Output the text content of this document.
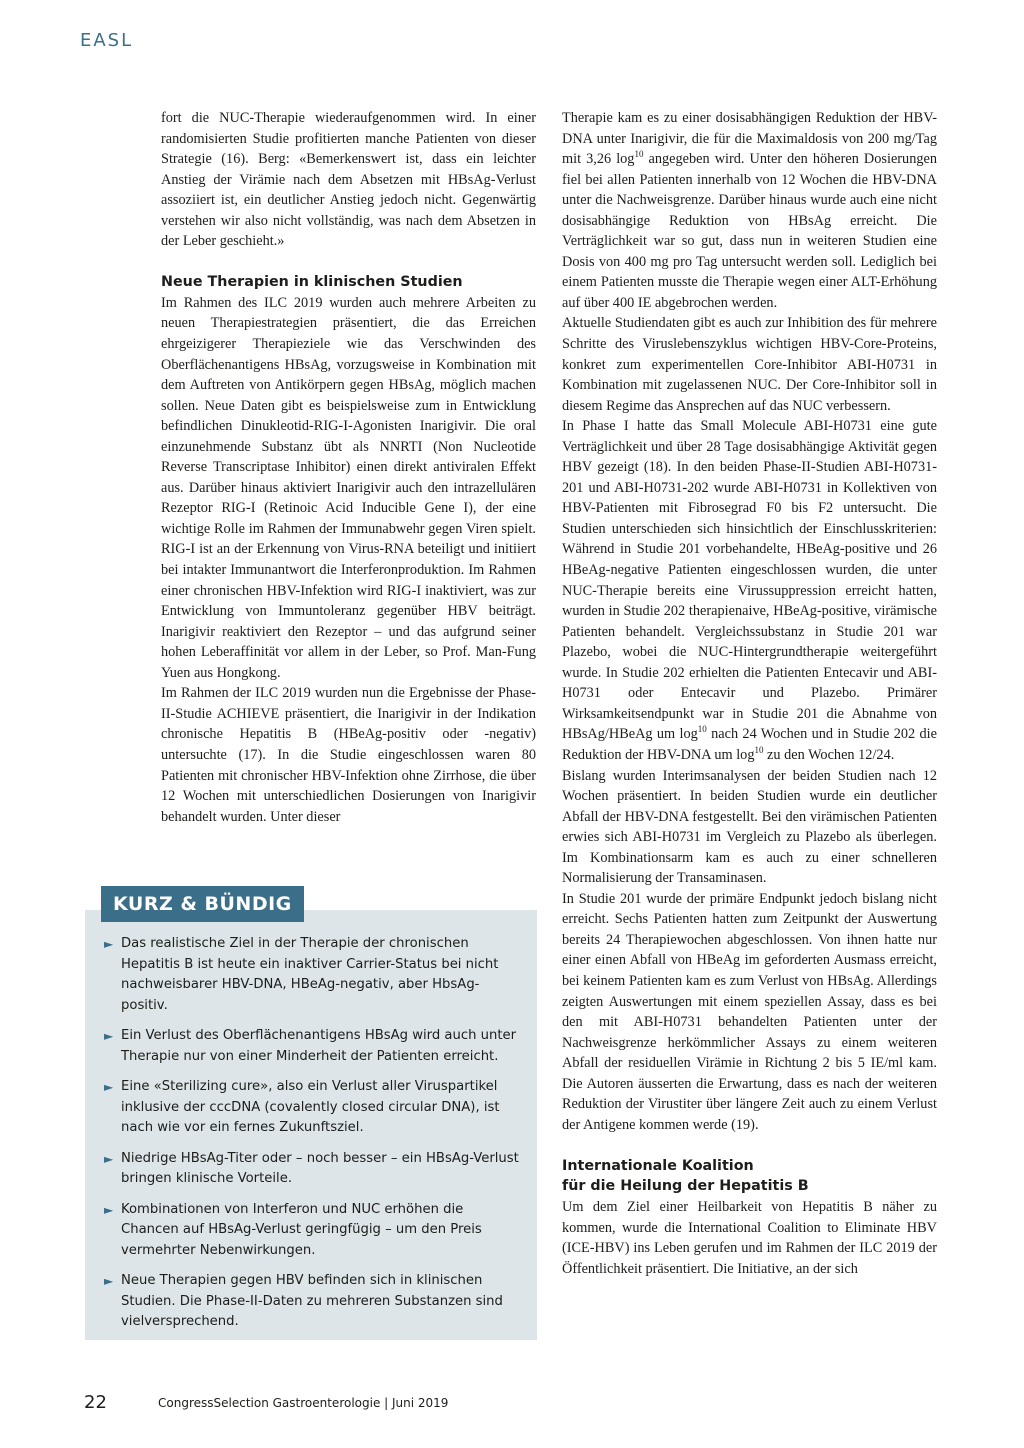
EASL

fort die NUC-Therapie wiederaufgenommen wird. In einer randomisierten Studie profitierten manche Patienten von dieser Strategie (16). Berg: «Bemerkenswert ist, dass ein leichter Anstieg der Virämie nach dem Absetzen mit HBsAg-Verlust assoziiert ist, ein deutlicher Anstieg jedoch nicht. Gegenwärtig verstehen wir also nicht vollständig, was nach dem Absetzen in der Leber geschieht.»

Neue Therapien in klinischen Studien

Im Rahmen des ILC 2019 wurden auch mehrere Arbeiten zu neuen Therapiestrategien präsentiert, die das Erreichen ehrgeizigerer Therapieziele wie das Verschwinden des Oberflächenantigens HBsAg, vorzugsweise in Kombination mit dem Auftreten von Antikörpern gegen HBsAg, möglich machen sollen. Neue Daten gibt es beispielsweise zum in Entwicklung befindlichen Dinukleotid-RIG-I-Agonisten Inarigivir. Die oral einzunehmende Substanz übt als NNRTI (Non Nucleotide Reverse Transcriptase Inhibitor) einen direkt antiviralen Effekt aus. Darüber hinaus aktiviert Inarigivir auch den intrazellulären Rezeptor RIG-I (Retinoic Acid Inducible Gene I), der eine wichtige Rolle im Rahmen der Immunabwehr gegen Viren spielt. RIG-I ist an der Erkennung von Virus-RNA beteiligt und initiiert bei intakter Immunantwort die Interferonproduktion. Im Rahmen einer chronischen HBV-Infektion wird RIG-I inaktiviert, was zur Entwicklung von Immuntoleranz gegenüber HBV beiträgt. Inarigivir reaktiviert den Rezeptor – und das aufgrund seiner hohen Leberaffinität vor allem in der Leber, so Prof. Man-Fung Yuen aus Hongkong.

Im Rahmen der ILC 2019 wurden nun die Ergebnisse der Phase-II-Studie ACHIEVE präsentiert, die Inarigivir in der Indikation chronische Hepatitis B (HBeAg-positiv oder -negativ) untersuchte (17). In die Studie eingeschlossen waren 80 Patienten mit chronischer HBV-Infektion ohne Zirrhose, die über 12 Wochen mit unterschiedlichen Dosierungen von Inarigivir behandelt wurden. Unter dieser

KURZ & BÜNDIG
► Das realistische Ziel in der Therapie der chronischen Hepatitis B ist heute ein inaktiver Carrier-Status bei nicht nachweisbarer HBV-DNA, HBeAg-negativ, aber HbsAg-positiv.
► Ein Verlust des Oberflächenantigens HBsAg wird auch unter Therapie nur von einer Minderheit der Patienten erreicht.
► Eine «Sterilizing cure», also ein Verlust aller Viruspartikel inklusive der cccDNA (covalently closed circular DNA), ist nach wie vor ein fernes Zukunftsziel.
► Niedrige HBsAg-Titer oder – noch besser – ein HBsAg-Verlust bringen klinische Vorteile.
► Kombinationen von Interferon und NUC erhöhen die Chancen auf HBsAg-Verlust geringfügig – um den Preis vermehrter Nebenwirkungen.
► Neue Therapien gegen HBV befinden sich in klinischen Studien. Die Phase-II-Daten zu mehreren Substanzen sind vielversprechend.

Therapie kam es zu einer dosisabhängigen Reduktion der HBV-DNA unter Inarigivir, die für die Maximaldosis von 200 mg/Tag mit 3,26 $\log^{10}$ angegeben wird. Unter den höheren Dosierungen fiel bei allen Patienten innerhalb von 12 Wochen die HBV-DNA unter die Nachweisgrenze. Darüber hinaus wurde auch eine nicht dosisabhängige Reduktion von HBsAg erreicht. Die Verträglichkeit war so gut, dass nun in weiteren Studien eine Dosis von 400 mg pro Tag untersucht werden soll. Lediglich bei einem Patienten musste die Therapie wegen einer ALT-Erhöhung auf über 400 IE abgebrochen werden.

Aktuelle Studiendaten gibt es auch zur Inhibition des für mehrere Schritte des Viruslebenszyklus wichtigen HBV-Core-Proteins, konkret zum experimentellen Core-Inhibitor ABI-H0731 in Kombination mit zugelassenen NUC. Der Core-Inhibitor soll in diesem Regime das Ansprechen auf das NUC verbessern.

In Phase I hatte das Small Molecule ABI-H0731 eine gute Verträglichkeit und über 28 Tage dosisabhängige Aktivität gegen HBV gezeigt (18). In den beiden Phase-II-Studien ABI-H0731-201 und ABI-H0731-202 wurde ABI-H0731 in Kollektiven von HBV-Patienten mit Fibrosegrad F0 bis F2 untersucht. Die Studien unterschieden sich hinsichtlich der Einschlusskriterien: Während in Studie 201 vorbehandelte, HBeAg-positive und 26 HBeAg-negative Patienten eingeschlossen wurden, die unter NUC-Therapie bereits eine Virussuppression erreicht hatten, wurden in Studie 202 therapienaive, HBeAg-positive, virämische Patienten behandelt. Vergleichssubstanz in Studie 201 war Plazebo, wobei die NUC-Hintergrundtherapie weitergeführt wurde. In Studie 202 erhielten die Patienten Entecavir und ABI-H0731 oder Entecavir und Plazebo. Primärer Wirksamkeitsendpunkt war in Studie 201 die Abnahme von HBsAg/HBeAg um $\log^{10}$ nach 24 Wochen und in Studie 202 die Reduktion der HBV-DNA um $\log^{10}$ zu den Wochen 12/24.

Bislang wurden Interimsanalysen der beiden Studien nach 12 Wochen präsentiert. In beiden Studien wurde ein deutlicher Abfall der HBV-DNA festgestellt. Bei den virämischen Patienten erwies sich ABI-H0731 im Vergleich zu Plazebo als überlegen. Im Kombinationsarm kam es auch zu einer schnelleren Normalisierung der Transaminasen.

In Studie 201 wurde der primäre Endpunkt jedoch bislang nicht erreicht. Sechs Patienten hatten zum Zeitpunkt der Auswertung bereits 24 Therapiewochen abgeschlossen. Von ihnen hatte nur einer einen Abfall von HBeAg im geforderten Ausmass erreicht, bei keinem Patienten kam es zum Verlust von HBsAg. Allerdings zeigten Auswertungen mit einem speziellen Assay, dass es bei den mit ABI-H0731 behandelten Patienten unter der Nachweisgrenze herkömmlicher Assays zu einem weiteren Abfall der residuellen Virämie in Richtung 2 bis 5 IE/ml kam. Die Autoren äusserten die Erwartung, dass es nach der weiteren Reduktion der Virustiter über längere Zeit auch zu einem Verlust der Antigene kommen werde (19).

Internationale Koalition
für die Heilung der Hepatitis B

Um dem Ziel einer Heilbarkeit von Hepatitis B näher zu kommen, wurde die International Coalition to Eliminate HBV (ICE-HBV) ins Leben gerufen und im Rahmen der ILC 2019 der Öffentlichkeit präsentiert. Die Initiative, an der sich

22	CongressSelection Gastroenterologie | Juni 2019
